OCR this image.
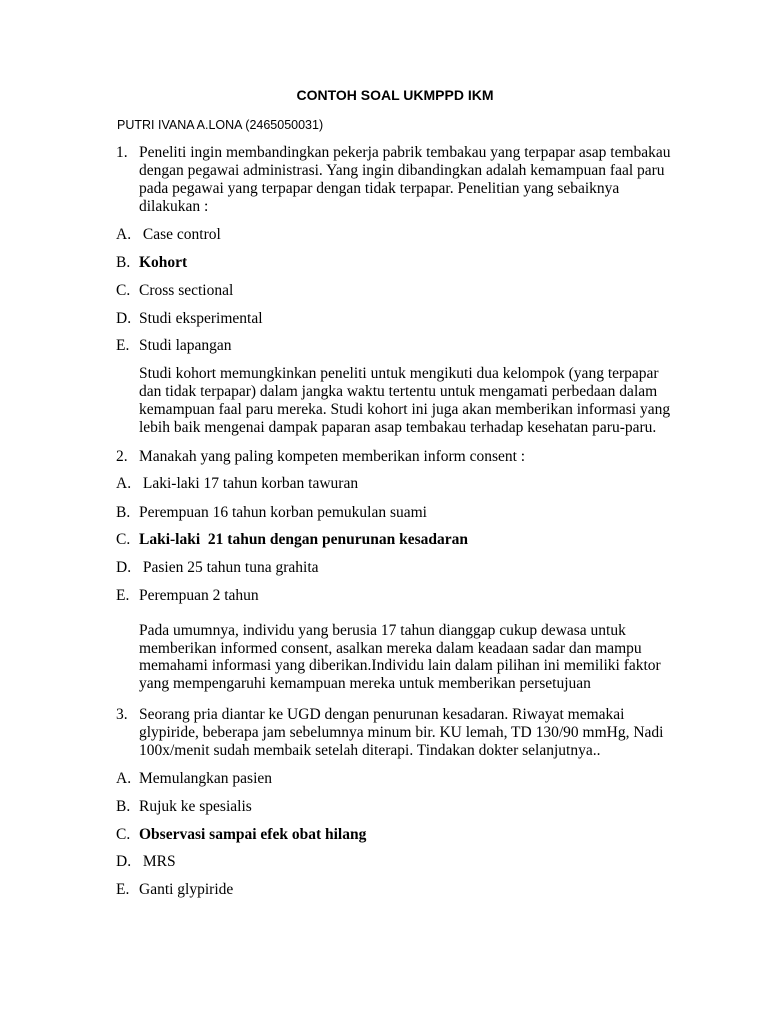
CONTOH SOAL UKMPPD IKM
PUTRI IVANA A.LONA (2465050031)
1. Peneliti ingin membandingkan pekerja pabrik tembakau yang terpapar asap tembakau
dengan pegawai administrasi. Yang ingin dibandingkan adalah kemampuan faal paru
pada pegawai yang terpapar dengan tidak terpapar. Penelitian yang sebaiknya
dilakukan :
A. Case control
B. Kohort
C. Cross sectional
D. Studi eksperimental
E. Studi lapangan
Studi kohort memungkinkan peneliti untuk mengikuti dua kelompok (yang terpapar
dan tidak terpapar) dalam jangka waktu tertentu untuk mengamati perbedaan dalam
kemampuan faal paru mereka. Studi kohort ini juga akan memberikan informasi yang
lebih baik mengenai dampak paparan asap tembakau terhadap kesehatan paru-paru.
2. Manakah yang paling kompeten memberikan inform consent :
A. Laki-laki 17 tahun korban tawuran
B. Perempuan 16 tahun korban pemukulan suami
C. Laki-laki  21 tahun dengan penurunan kesadaran
D. Pasien 25 tahun tuna grahita
E. Perempuan 2 tahun
Pada umumnya, individu yang berusia 17 tahun dianggap cukup dewasa untuk
memberikan informed consent, asalkan mereka dalam keadaan sadar dan mampu
memahami informasi yang diberikan.Individu lain dalam pilihan ini memiliki faktor
yang mempengaruhi kemampuan mereka untuk memberikan persetujuan
3. Seorang pria diantar ke UGD dengan penurunan kesadaran. Riwayat memakai
glypiride, beberapa jam sebelumnya minum bir. KU lemah, TD 130/90 mmHg, Nadi
100x/menit sudah membaik setelah diterapi. Tindakan dokter selanjutnya..
A. Memulangkan pasien
B. Rujuk ke spesialis
C. Observasi sampai efek obat hilang
D. MRS
E. Ganti glypiride
